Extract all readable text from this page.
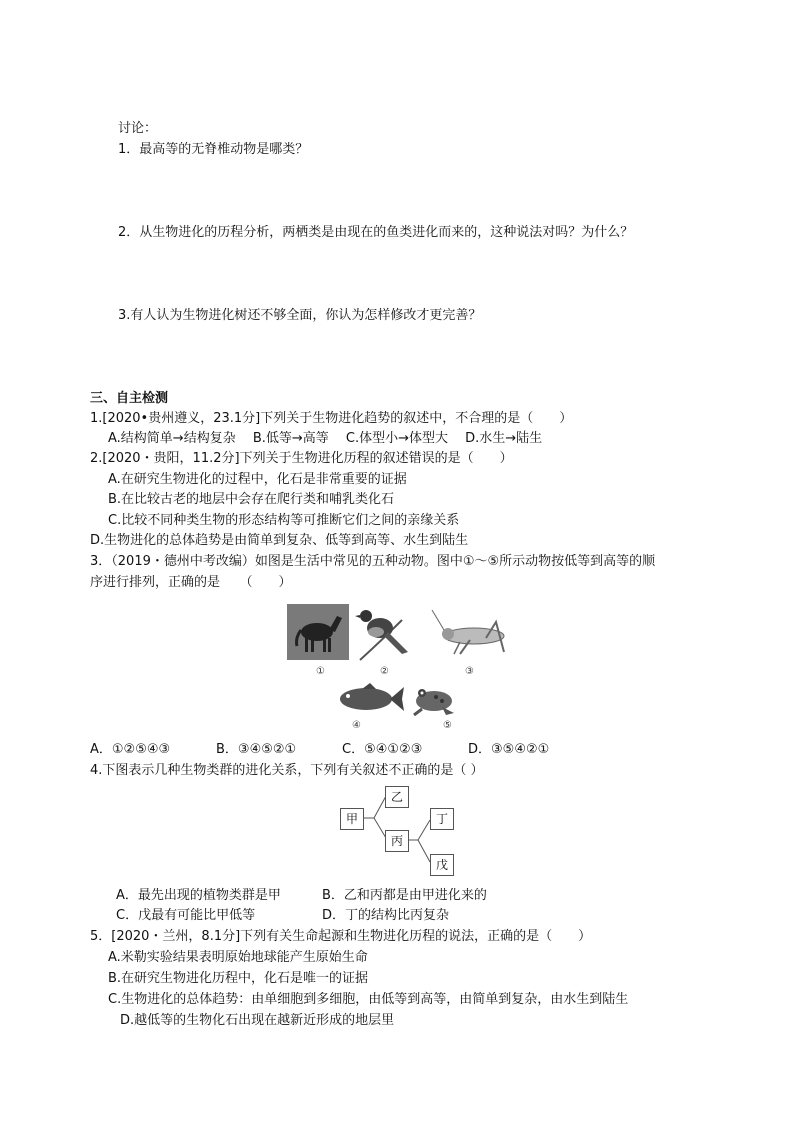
讨论：
1．最高等的无脊椎动物是哪类？
2．从生物进化的历程分析，两栖类是由现在的鱼类进化而来的，这种说法对吗？为什么？
3.有人认为生物进化树还不够全面，你认为怎样修改才更完善？
三、自主检测
1.[2020•贵州遵义，23.1分]下列关于生物进化趋势的叙述中，不合理的是（　　）
A.结构简单→结构复杂　 B.低等→高等　 C.体型小→体型大　 D.水生→陆生
2.[2020・贵阳，11.2分]下列关于生物进化历程的叙述错误的是（　　）
A.在研究生物进化的过程中，化石是非常重要的证据
B.在比较古老的地层中会存在爬行类和哺乳类化石
C.比较不同种类生物的形态结构等可推断它们之间的亲缘关系
D.生物进化的总体趋势是由简单到复杂、低等到高等、水生到陆生
3．（2019・德州中考改编）如图是生活中常见的五种动物。图中①～⑤所示动物按低等到高等的顺
序进行排列，正确的是　　（　　）
①	②	③
④	⑤
A．①②⑤④③	B．③④⑤②①	C．⑤④①②③	D．③⑤④②①
4.下图表示几种生物类群的进化关系，下列有关叙述不正确的是（ ）
甲
乙
丙
丁
戊
A．最先出现的植物类群是甲	B．乙和丙都是由甲进化来的
C．戊最有可能比甲低等	D．丁的结构比丙复杂
5．[2020・兰州，8.1分]下列有关生命起源和生物进化历程的说法，正确的是（　　）
A.米勒实验结果表明原始地球能产生原始生命
B.在研究生物进化历程中，化石是唯一的证据
C.生物进化的总体趋势：由单细胞到多细胞，由低等到高等，由简单到复杂，由水生到陆生
D.越低等的生物化石出现在越新近形成的地层里
